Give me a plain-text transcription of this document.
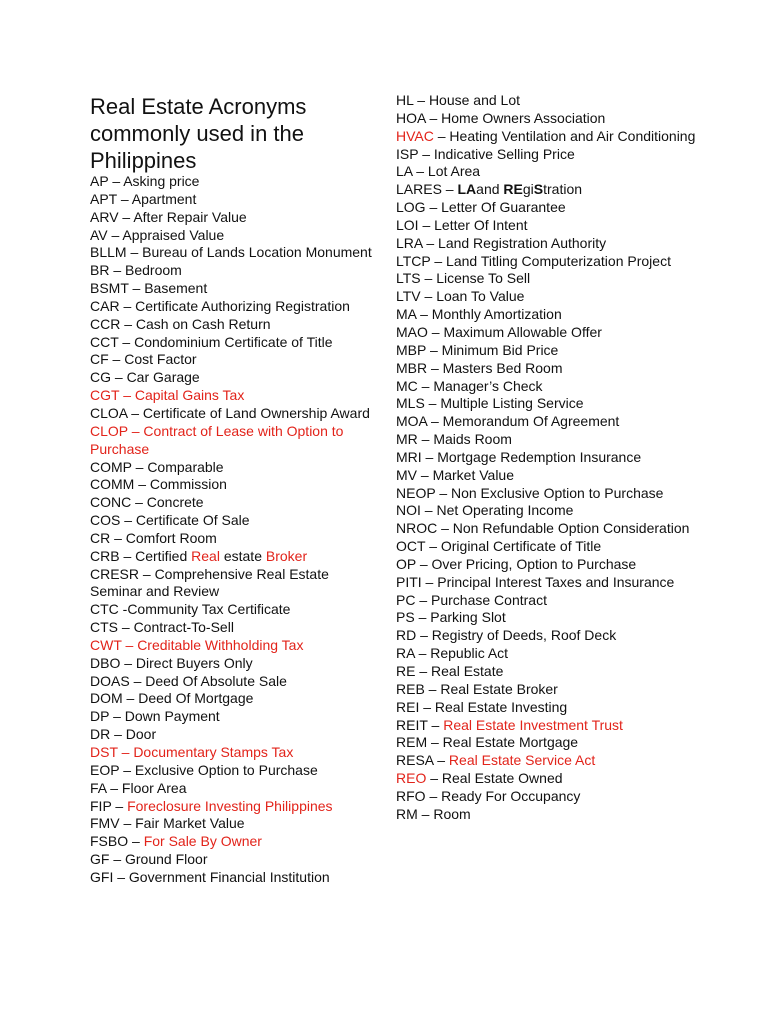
Real Estate Acronyms commonly used in the Philippines
AP – Asking price
APT – Apartment
ARV – After Repair Value
AV – Appraised Value
BLLM – Bureau of Lands Location Monument
BR – Bedroom
BSMT – Basement
CAR – Certificate Authorizing Registration
CCR – Cash on Cash Return
CCT – Condominium Certificate of Title
CF – Cost Factor
CG – Car Garage
CGT – Capital Gains Tax
CLOA – Certificate of Land Ownership Award
CLOP – Contract of Lease with Option to Purchase
COMP – Comparable
COMM – Commission
CONC – Concrete
COS – Certificate Of Sale
CR – Comfort Room
CRB – Certified Real estate Broker
CRESR – Comprehensive Real Estate Seminar and Review
CTC -Community Tax Certificate
CTS – Contract-To-Sell
CWT – Creditable Withholding Tax
DBO – Direct Buyers Only
DOAS – Deed Of Absolute Sale
DOM – Deed Of Mortgage
DP – Down Payment
DR – Door
DST – Documentary Stamps Tax
EOP – Exclusive Option to Purchase
FA – Floor Area
FIP – Foreclosure Investing Philippines
FMV – Fair Market Value
FSBO – For Sale By Owner
GF – Ground Floor
GFI – Government Financial Institution
HL – House and Lot
HOA – Home Owners Association
HVAC – Heating Ventilation and Air Conditioning
ISP – Indicative Selling Price
LA – Lot Area
LARES – LAand REgiStration
LOG – Letter Of Guarantee
LOI – Letter Of Intent
LRA – Land Registration Authority
LTCP – Land Titling Computerization Project
LTS – License To Sell
LTV – Loan To Value
MA – Monthly Amortization
MAO – Maximum Allowable Offer
MBP – Minimum Bid Price
MBR – Masters Bed Room
MC – Manager’s Check
MLS – Multiple Listing Service
MOA – Memorandum Of Agreement
MR – Maids Room
MRI – Mortgage Redemption Insurance
MV – Market Value
NEOP – Non Exclusive Option to Purchase
NOI – Net Operating Income
NROC – Non Refundable Option Consideration
OCT – Original Certificate of Title
OP – Over Pricing, Option to Purchase
PITI – Principal Interest Taxes and Insurance
PC – Purchase Contract
PS – Parking Slot
RD – Registry of Deeds, Roof Deck
RA – Republic Act
RE – Real Estate
REB – Real Estate Broker
REI – Real Estate Investing
REIT – Real Estate Investment Trust
REM – Real Estate Mortgage
RESA – Real Estate Service Act
REO – Real Estate Owned
RFO – Ready For Occupancy
RM – Room
